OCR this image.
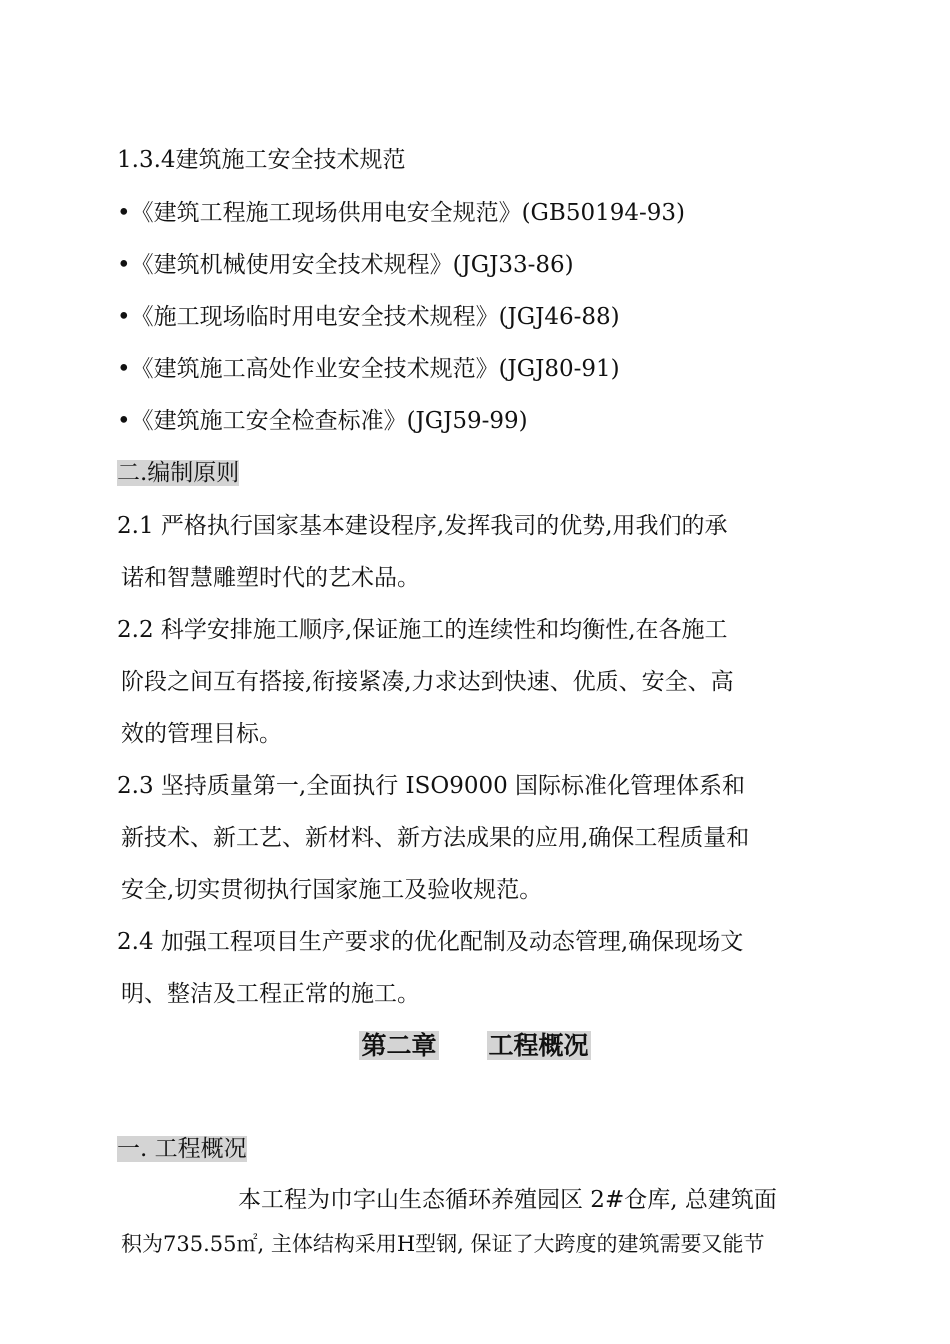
1.3.4建筑施工安全技术规范
•《建筑工程施工现场供用电安全规范》(GB50194-93)
•《建筑机械使用安全技术规程》(JGJ33-86)
•《施工现场临时用电安全技术规程》(JGJ46-88)
•《建筑施工高处作业安全技术规范》(JGJ80-91)
•《建筑施工安全检查标准》(JGJ59-99)
二.编制原则
2.1 严格执行国家基本建设程序,发挥我司的优势,用我们的承
诺和智慧雕塑时代的艺术品。
2.2 科学安排施工顺序,保证施工的连续性和均衡性,在各施工
阶段之间互有搭接,衔接紧凑,力求达到快速、优质、安全、高
效的管理目标。
2.3 坚持质量第一,全面执行 ISO9000 国际标准化管理体系和
新技术、新工艺、新材料、新方法成果的应用,确保工程质量和
安全,切实贯彻执行国家施工及验收规范。
2.4 加强工程项目生产要求的优化配制及动态管理,确保现场文
明、整洁及工程正常的施工。
第二章 工程概况
一. 工程概况
本工程为巾字山生态循环养殖园区 2#仓库, 总建筑面
积为735.55㎡, 主体结构采用H型钢, 保证了大跨度的建筑需要又能节
